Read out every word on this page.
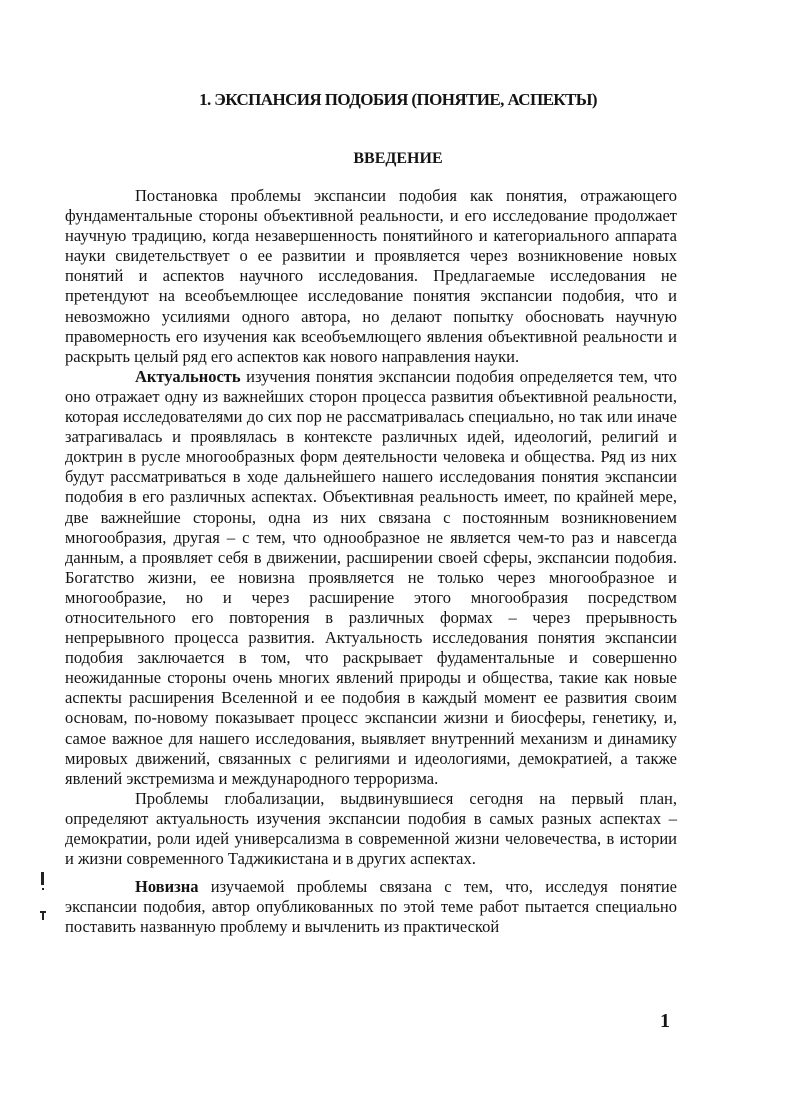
1. ЭКСПАНСИЯ ПОДОБИЯ (ПОНЯТИЕ, АСПЕКТЫ)
ВВЕДЕНИЕ

Постановка проблемы экспансии подобия как понятия, отражающего фундаментальные стороны объективной реальности, и его исследование продолжает научную традицию, когда незавершенность понятийного и категориального аппарата науки свидетельствует о ее развитии и проявляется через возникновение новых понятий и аспектов научного исследования. Предлагаемые исследования не претендуют на всеобъемлющее исследование понятия экспансии подобия, что и невозможно усилиями одного автора, но делают попытку обосновать научную правомерность его изучения как всеобъемлющего явления объективной реальности и раскрыть целый ряд его аспектов как нового направления науки.

Актуальность изучения понятия экспансии подобия определяется тем, что оно отражает одну из важнейших сторон процесса развития объективной реальности, которая исследователями до сих пор не рассматривалась специально, но так или иначе затрагивалась и проявлялась в контексте различных идей, идеологий, религий и доктрин в русле многообразных форм деятельности человека и общества. Ряд из них будут рассматриваться в ходе дальнейшего нашего исследования понятия экспансии подобия в его различных аспектах. Объективная реальность имеет, по крайней мере, две важнейшие стороны, одна из них связана с постоянным возникновением многообразия, другая – с тем, что однообразное не является чем-то раз и навсегда данным, а проявляет себя в движении, расширении своей сферы, экспансии подобия. Богатство жизни, ее новизна проявляется не только через многообразное и многообразие, но и через расширение этого многообразия посредством относительного его повторения в различных формах – через прерывность непрерывного процесса развития. Актуальность исследования понятия экспансии подобия заключается в том, что раскрывает фудаментальные и совершенно неожиданные стороны очень многих явлений природы и общества, такие как новые аспекты расширения Вселенной и ее подобия в каждый момент ее развития своим основам, по-новому показывает процесс экспансии жизни и биосферы, генетику, и, самое важное для нашего исследования, выявляет внутренний механизм и динамику мировых движений, связанных с религиями и идеологиями, демократией, а также явлений экстремизма и международного терроризма.

Проблемы глобализации, выдвинувшиеся сегодня на первый план, определяют актуальность изучения экспансии подобия в самых разных аспектах – демократии, роли идей универсализма в современной жизни человечества, в истории и жизни современного Таджикистана и в других аспектах.

Новизна изучаемой проблемы связана с тем, что, исследуя понятие экспансии подобия, автор опубликованных по этой теме работ пытается специально поставить названную проблему и вычленить из практической

1
